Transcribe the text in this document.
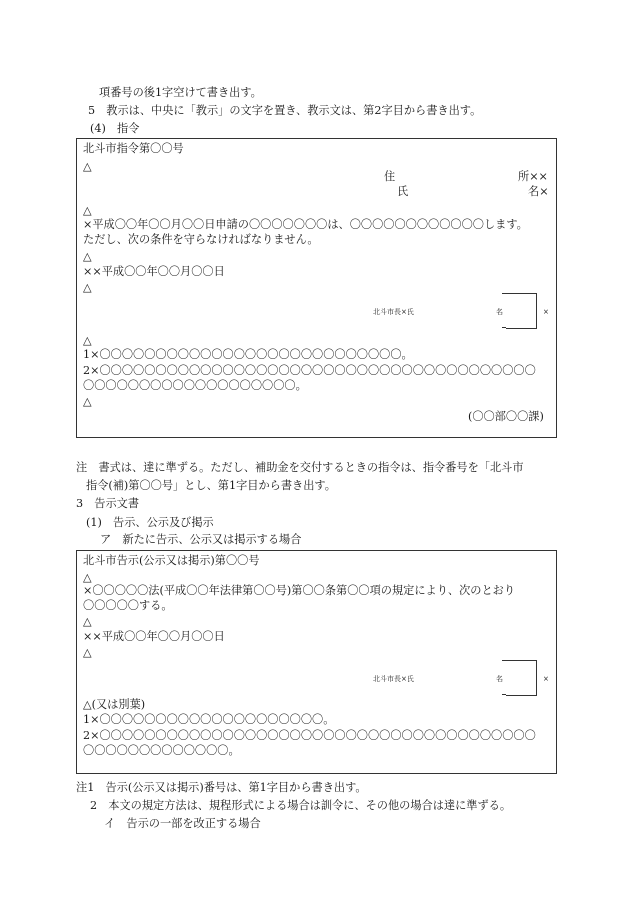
項番号の後1字空けて書き出す。
5　教示は、中央に「教示」の文字を置き、教示文は、第2字目から書き出す。
(4)　指令
北斗市指令第〇〇号
△
住	所××
氏	名×
△
×平成〇〇年〇〇月〇〇日申請の〇〇〇〇〇〇〇は、〇〇〇〇〇〇〇〇〇〇〇〇します。
ただし、次の条件を守らなければなりません。
△
××平成〇〇年〇〇月〇〇日
△
北斗市長×氏	名	×
△
1×〇〇〇〇〇〇〇〇〇〇〇〇〇〇〇〇〇〇〇〇〇〇〇〇〇〇〇。
2×〇〇〇〇〇〇〇〇〇〇〇〇〇〇〇〇〇〇〇〇〇〇〇〇〇〇〇〇〇〇〇〇〇〇〇〇〇〇〇
〇〇〇〇〇〇〇〇〇〇〇〇〇〇〇〇〇〇〇。
△
(〇〇部〇〇課)
注　書式は、達に準ずる。ただし、補助金を交付するときの指令は、指令番号を「北斗市
指令(補)第〇〇号」とし、第1字目から書き出す。
3　告示文書
(1)　告示、公示及び掲示
ア　新たに告示、公示又は掲示する場合
北斗市告示(公示又は掲示)第〇〇号
△
×〇〇〇〇〇法(平成〇〇年法律第〇〇号)第〇〇条第〇〇項の規定により、次のとおり
〇〇〇〇〇する。
△
××平成〇〇年〇〇月〇〇日
△
北斗市長×氏	名	×
△(又は別葉)
1×〇〇〇〇〇〇〇〇〇〇〇〇〇〇〇〇〇〇〇〇。
2×〇〇〇〇〇〇〇〇〇〇〇〇〇〇〇〇〇〇〇〇〇〇〇〇〇〇〇〇〇〇〇〇〇〇〇〇〇〇〇
〇〇〇〇〇〇〇〇〇〇〇〇〇。
注1　告示(公示又は掲示)番号は、第1字目から書き出す。
2　本文の規定方法は、規程形式による場合は訓令に、その他の場合は達に準ずる。
イ　告示の一部を改正する場合
